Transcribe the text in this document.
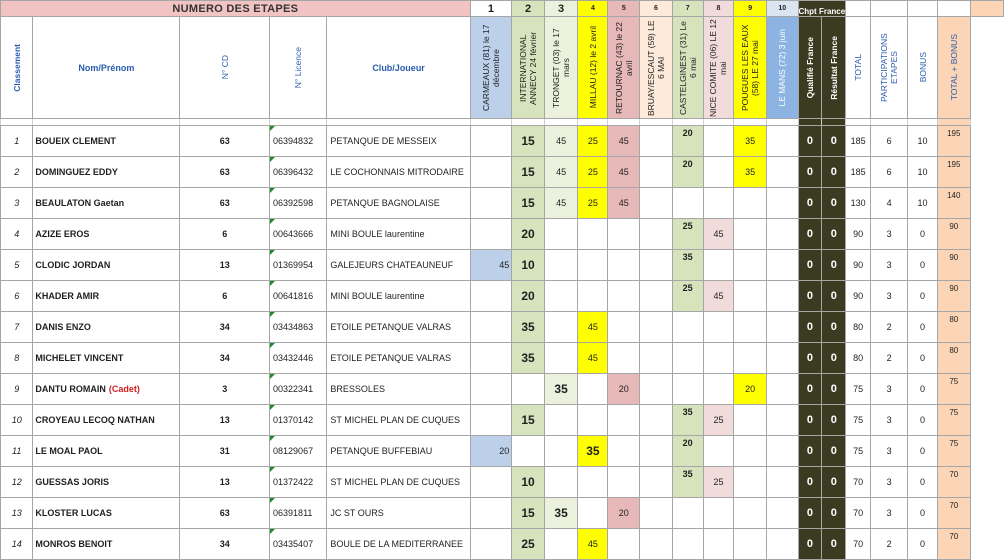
NUMERO DES ETAPES					1	2	3	4	5	6	7	8	9	10	Chpt France						

Classement	Nom/Prénom	N° CD	N° Licence	Club/Joueur	CARMEAUX (81) le 17 décembre	INTERNATIONAL ANNECY 24 février	TRONGET (03) le 17 mars	MILLAU (12) le 2 avril	RETOURNAC (43) le 22 avril	BRUAY/ESCAUT (59) LE 6 MAI	CASTELGINEST (31) Le 6 mai	NICE COMITE (06) LE 12 mai	POUGUES LES EAUX (58) LE 27 mai	LE MANS (72) 3 juin	Qualifié France	Résultat France	TOTAL	PARTICIPATIONS ETAPES	BONUS	TOTAL + BONUS	

1	BOUEIX CLEMENT	63	06394832	PETANQUE DE MESSEIX		15	45	25	45		20		35		0	0	185	6	10	195	
2	DOMINGUEZ EDDY	63	06396432	LE COCHONNAIS MITRODAIRE		15	45	25	45		20		35		0	0	185	6	10	195	
3	BEAULATON Gaetan	63	06392598	PETANQUE BAGNOLAISE		15	45	25	45						0	0	130	4	10	140	
4	AZIZE EROS	6	00643666	MINI BOULE laurentine		20					25	45			0	0	90	3	0	90	
5	CLODIC JORDAN	13	01369954	GALEJEURS CHATEAUNEUF	45	10					35				0	0	90	3	0	90	
6	KHADER AMIR	6	00641816	MINI BOULE laurentine		20					25	45			0	0	90	3	0	90	
7	DANIS ENZO	34	03434863	ETOILE PETANQUE VALRAS		35		45							0	0	80	2	0	80	
8	MICHELET VINCENT	34	03432446	ETOILE PETANQUE VALRAS		35		45							0	0	80	2	0	80	
9	DANTU ROMAIN (Cadet)	3	00322341	BRESSOLES			35		20				20		0	0	75	3	0	75	
10	CROYEAU LECOQ NATHAN	13	01370142	ST MICHEL PLAN DE CUQUES		15					35	25			0	0	75	3	0	75	
11	LE MOAL PAOL	31	08129067	PETANQUE BUFFEBIAU	20			35			20				0	0	75	3	0	75	
12	GUESSAS JORIS	13	01372422	ST MICHEL PLAN DE CUQUES		10					35	25			0	0	70	3	0	70	
13	KLOSTER LUCAS	63	06391811	JC ST OURS		15	35		20						0	0	70	3	0	70	
14	MONROS BENOIT	34	03435407	BOULE DE LA MEDITERRANEE		25		45							0	0	70	2	0	70	
